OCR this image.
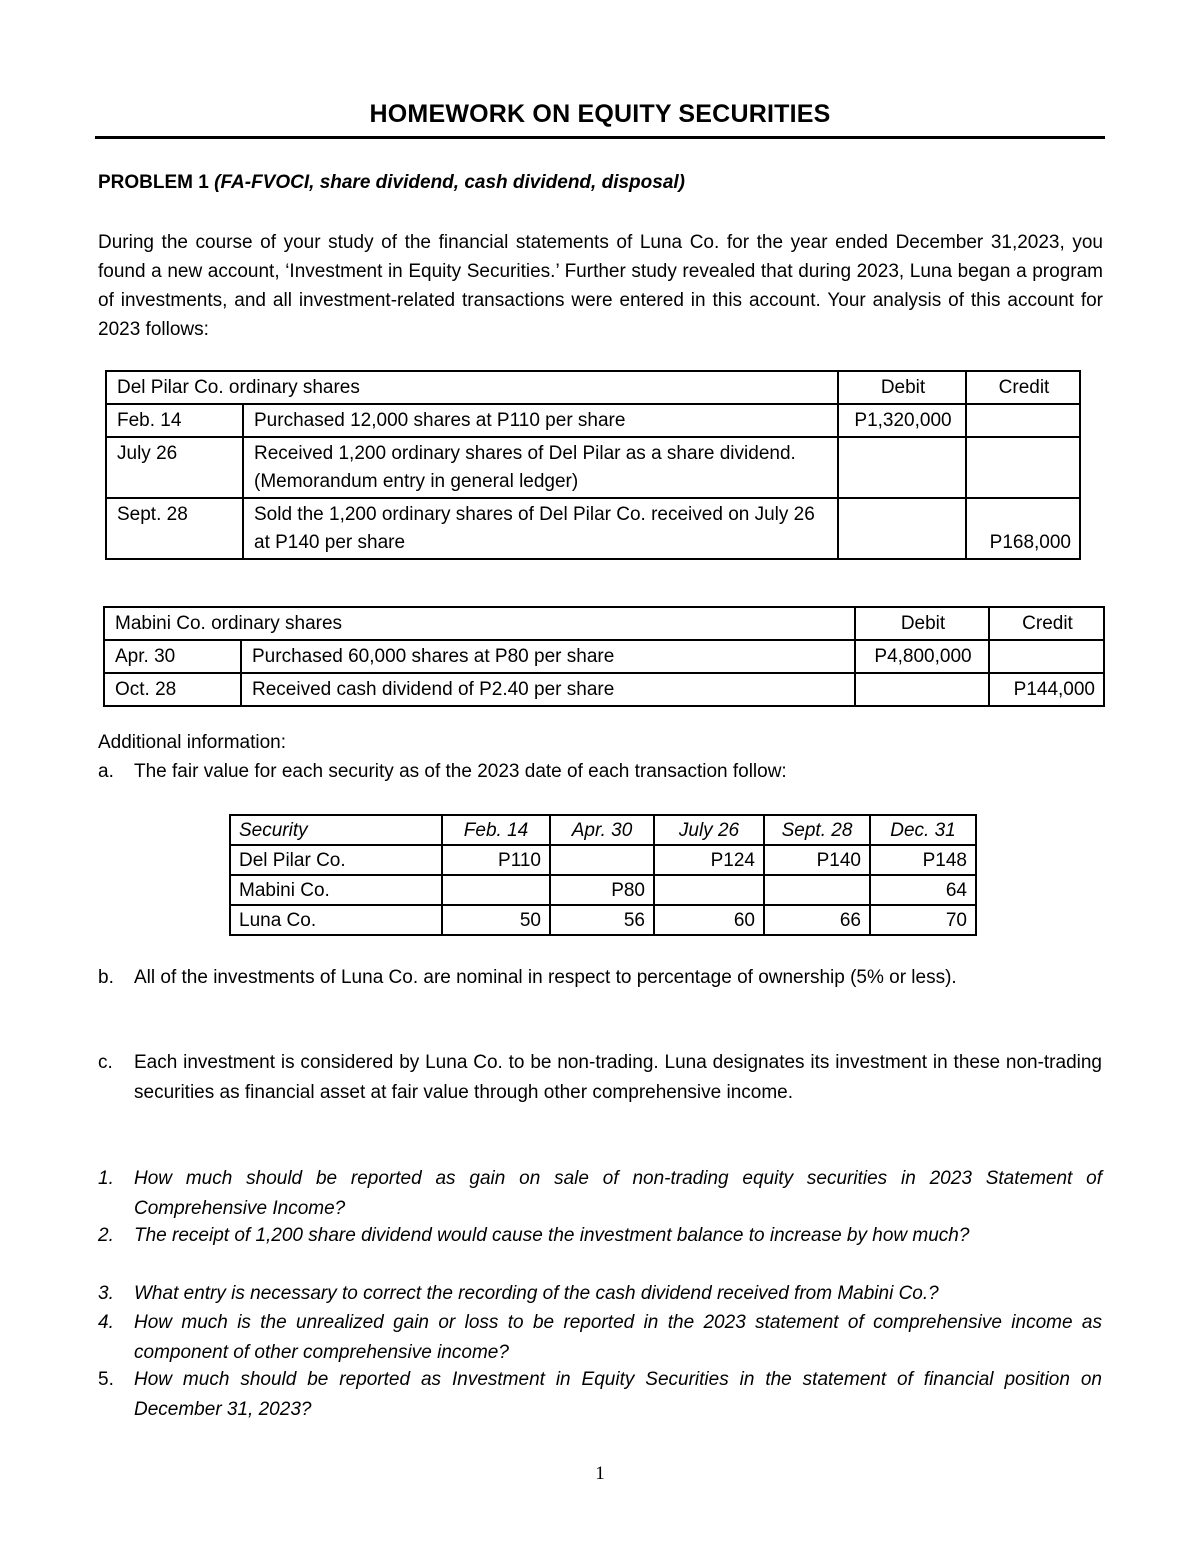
HOMEWORK ON EQUITY SECURITIES
PROBLEM 1 (FA-FVOCI, share dividend, cash dividend, disposal)
During the course of your study of the financial statements of Luna Co. for the year ended December 31,2023, you found a new account, ‘Investment in Equity Securities.’ Further study revealed that during 2023, Luna began a program of investments, and all investment-related transactions were entered in this account. Your analysis of this account for 2023 follows:
Del Pilar Co. ordinary shares		Debit	Credit
Feb. 14	Purchased 12,000 shares at P110 per share	P1,320,000	
July 26	Received 1,200 ordinary shares of Del Pilar as a share dividend.
(Memorandum entry in general ledger)		

Sept. 28	Sold the 1,200 ordinary shares of Del Pilar Co. received on July 26 at P140 per share		P168,000
Mabini Co. ordinary shares		Debit	Credit
Apr. 30	Purchased 60,000 shares at P80 per share	P4,800,000	
Oct. 28	Received cash dividend of P2.40 per share		P144,000
Additional information:
a.	The fair value for each security as of the 2023 date of each transaction follow:
Security	Feb. 14	Apr. 30	July 26	Sept. 28	Dec. 31
Del Pilar Co.	P110		P124	P140	P148
Mabini Co.		P80			64
Luna Co.	50	56	60	66	70
b.	All of the investments of Luna Co. are nominal in respect to percentage of ownership (5% or less).
c.	Each investment is considered by Luna Co. to be non-trading. Luna designates its investment in these non-trading securities as financial asset at fair value through other comprehensive income.
1.	How much should be reported as gain on sale of non-trading equity securities in 2023 Statement of Comprehensive Income?
2.	The receipt of 1,200 share dividend would cause the investment balance to increase by how much?
3.	What entry is necessary to correct the recording of the cash dividend received from Mabini Co.?
4.	How much is the unrealized gain or loss to be reported in the 2023 statement of comprehensive income as component of other comprehensive income?
5.	How much should be reported as Investment in Equity Securities in the statement of financial position on December 31, 2023?
1
